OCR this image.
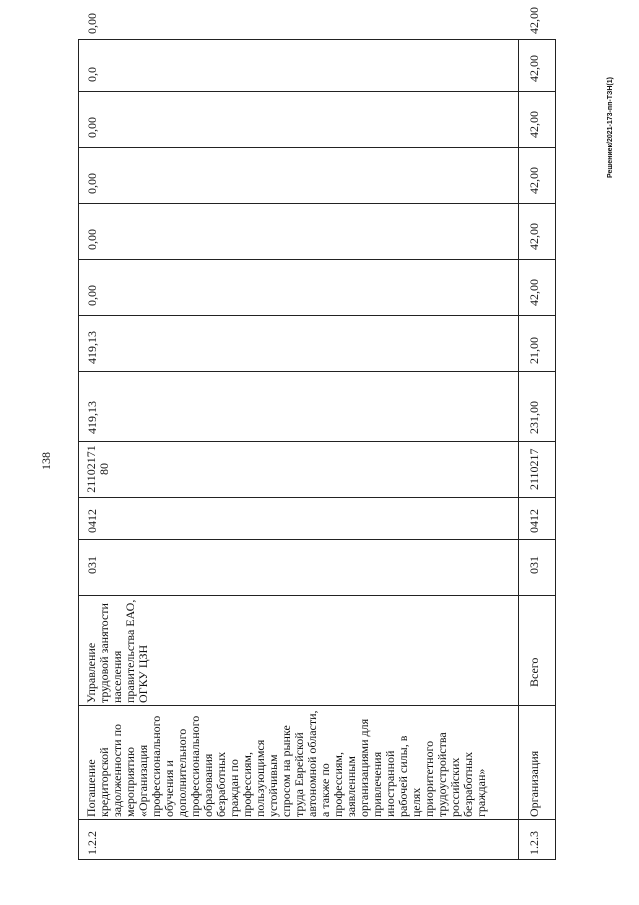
138
Решениек/2021-173-пп-ТЗН(1)
1.2.2
Погашение кредиторской задолженности по мероприятию «Организация профессионального обучения и дополнительного профессионального образования безработных граждан по профессиям, пользующимся устойчивым спросом на рынке труда Еврейской автономной области, а также по профессиям, заявленным организациями для привлечения иностранной рабочей силы, в целях приоритетного трудоустройства российских безработных граждан»
Управление трудовой занятости населения правительства ЕАО, ОГКУ ЦЗН
031
0412
2110217180
419,13
419,13
0,00
0,00
0,00
0,00
0,0
0,00
1.2.3
Организация
Всего
031
0412
2110217
231,00
21,00
42,00
42,00
42,00
42,00
42,00
42,00
